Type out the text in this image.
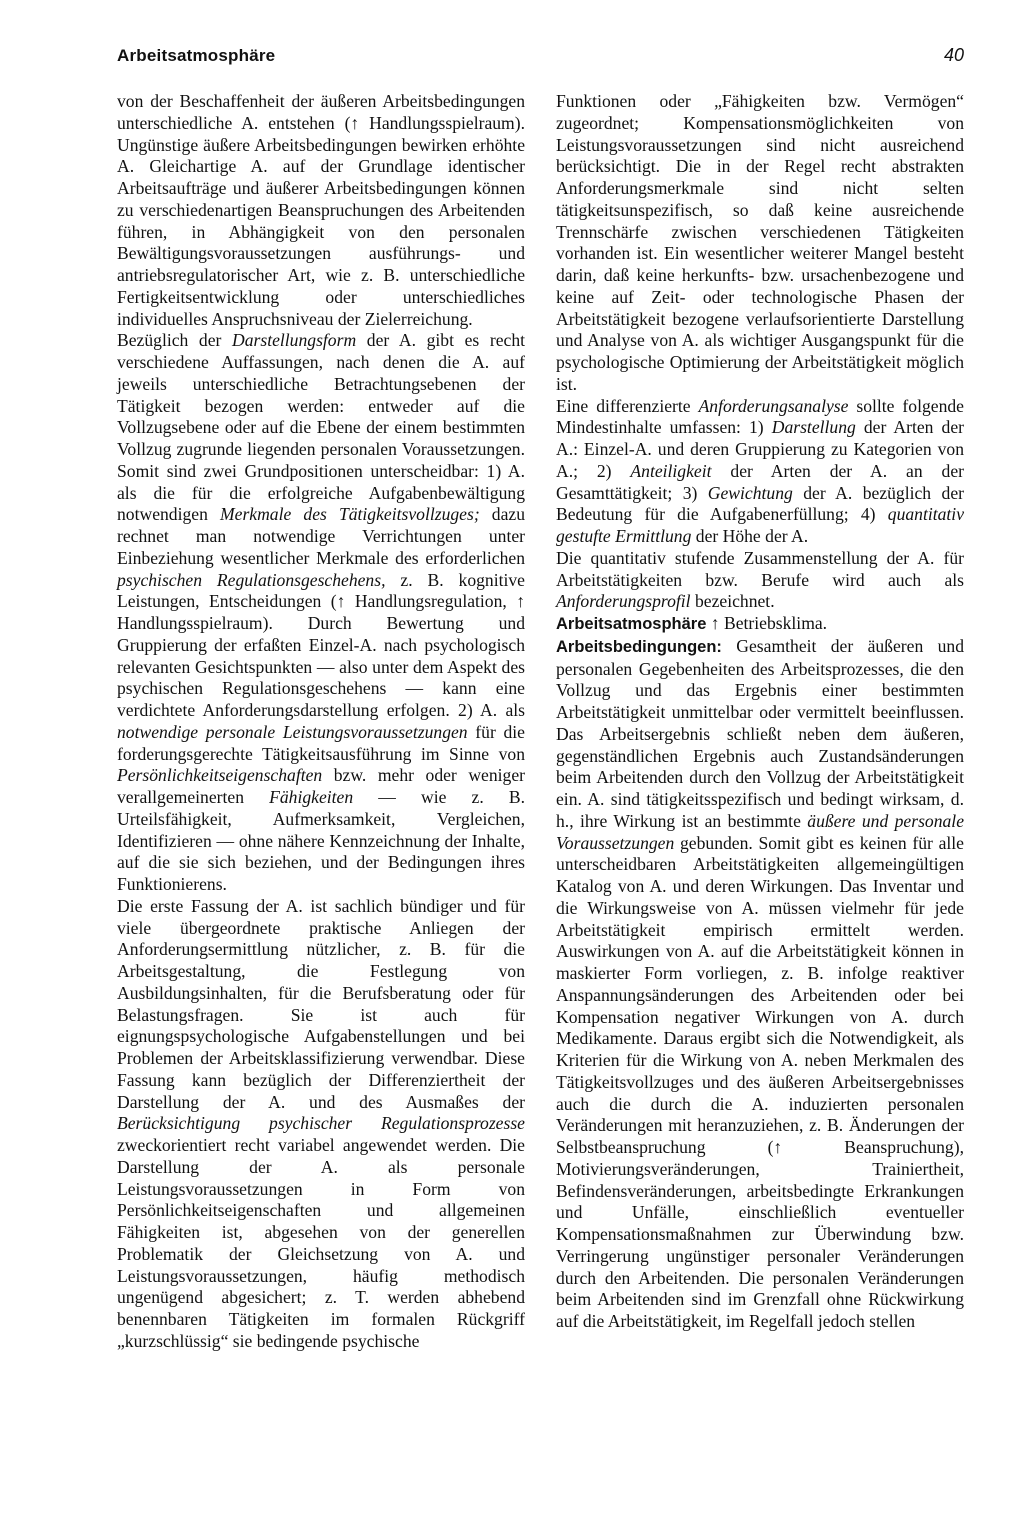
Arbeitsatmosphäre	40

von der Beschaffenheit der äußeren Arbeitsbedingungen unterschiedliche A. entstehen (↑ Handlungsspielraum). Ungünstige äußere Arbeitsbedingungen bewirken erhöhte A. Gleichartige A. auf der Grundlage identischer Arbeitsaufträge und äußerer Arbeitsbedingungen können zu verschiedenartigen Beanspruchungen des Arbeitenden führen, in Abhängigkeit von den personalen Bewältigungsvoraussetzungen ausführungs- und antriebsregulatorischer Art, wie z. B. unterschiedliche Fertigkeitsentwicklung oder unterschiedliches individuelles Anspruchsniveau der Zielerreichung.

Bezüglich der Darstellungsform der A. gibt es recht verschiedene Auffassungen, nach denen die A. auf jeweils unterschiedliche Betrachtungsebenen der Tätigkeit bezogen werden: entweder auf die Vollzugsebene oder auf die Ebene der einem bestimmten Vollzug zugrunde liegenden personalen Voraussetzungen. Somit sind zwei Grundpositionen unterscheidbar: 1) A. als die für die erfolgreiche Aufgabenbewältigung notwendigen Merkmale des Tätigkeitsvollzuges; dazu rechnet man notwendige Verrichtungen unter Einbeziehung wesentlicher Merkmale des erforderlichen psychischen Regulationsgeschehens, z. B. kognitive Leistungen, Entscheidungen (↑ Handlungsregulation, ↑ Handlungsspielraum). Durch Bewertung und Gruppierung der erfaßten Einzel-A. nach psychologisch relevanten Gesichtspunkten — also unter dem Aspekt des psychischen Regulationsgeschehens — kann eine verdichtete Anforderungsdarstellung erfolgen. 2) A. als notwendige personale Leistungsvoraussetzungen für die forderungsgerechte Tätigkeitsausführung im Sinne von Persönlichkeitseigenschaften bzw. mehr oder weniger verallgemeinerten Fähigkeiten — wie z. B. Urteilsfähigkeit, Aufmerksamkeit, Vergleichen, Identifizieren — ohne nähere Kennzeichnung der Inhalte, auf die sie sich beziehen, und der Bedingungen ihres Funktionierens.

Die erste Fassung der A. ist sachlich bündiger und für viele übergeordnete praktische Anliegen der Anforderungsermittlung nützlicher, z. B. für die Arbeitsgestaltung, die Festlegung von Ausbildungsinhalten, für die Berufsberatung oder für Belastungsfragen. Sie ist auch für eignungspsychologische Aufgabenstellungen und bei Problemen der Arbeitsklassifizierung verwendbar. Diese Fassung kann bezüglich der Differenziertheit der Darstellung der A. und des Ausmaßes der Berücksichtigung psychischer Regulationsprozesse zweckorientiert recht variabel angewendet werden. Die Darstellung der A. als personale Leistungsvoraussetzungen in Form von Persönlichkeitseigenschaften und allgemeinen Fähigkeiten ist, abgesehen von der generellen Problematik der Gleichsetzung von A. und Leistungsvoraussetzungen, häufig methodisch ungenügend abgesichert; z. T. werden abhebend benennbaren Tätigkeiten im formalen Rückgriff „kurzschlüssig“ sie bedingende psychische

Funktionen oder „Fähigkeiten bzw. Vermögen“ zugeordnet; Kompensationsmöglichkeiten von Leistungsvoraussetzungen sind nicht ausreichend berücksichtigt. Die in der Regel recht abstrakten Anforderungsmerkmale sind nicht selten tätigkeitsunspezifisch, so daß keine ausreichende Trennschärfe zwischen verschiedenen Tätigkeiten vorhanden ist. Ein wesentlicher weiterer Mangel besteht darin, daß keine herkunfts- bzw. ursachenbezogene und keine auf Zeit- oder technologische Phasen der Arbeitstätigkeit bezogene verlaufsorientierte Darstellung und Analyse von A. als wichtiger Ausgangspunkt für die psychologische Optimierung der Arbeitstätigkeit möglich ist.

Eine differenzierte Anforderungsanalyse sollte folgende Mindestinhalte umfassen: 1) Darstellung der Arten der A.: Einzel-A. und deren Gruppierung zu Kategorien von A.; 2) Anteiligkeit der Arten der A. an der Gesamttätigkeit; 3) Gewichtung der A. bezüglich der Bedeutung für die Aufgabenerfüllung; 4) quantitativ gestufte Ermittlung der Höhe der A.

Die quantitativ stufende Zusammenstellung der A. für Arbeitstätigkeiten bzw. Berufe wird auch als Anforderungsprofil bezeichnet.

Arbeitsatmosphäre ↑ Betriebsklima.

Arbeitsbedingungen: Gesamtheit der äußeren und personalen Gegebenheiten des Arbeitsprozesses, die den Vollzug und das Ergebnis einer bestimmten Arbeitstätigkeit unmittelbar oder vermittelt beeinflussen. Das Arbeitsergebnis schließt neben dem äußeren, gegenständlichen Ergebnis auch Zustandsänderungen beim Arbeitenden durch den Vollzug der Arbeitstätigkeit ein. A. sind tätigkeitsspezifisch und bedingt wirksam, d. h., ihre Wirkung ist an bestimmte äußere und personale Voraussetzungen gebunden. Somit gibt es keinen für alle unterscheidbaren Arbeitstätigkeiten allgemeingültigen Katalog von A. und deren Wirkungen. Das Inventar und die Wirkungsweise von A. müssen vielmehr für jede Arbeitstätigkeit empirisch ermittelt werden. Auswirkungen von A. auf die Arbeitstätigkeit können in maskierter Form vorliegen, z. B. infolge reaktiver Anspannungsänderungen des Arbeitenden oder bei Kompensation negativer Wirkungen von A. durch Medikamente. Daraus ergibt sich die Notwendigkeit, als Kriterien für die Wirkung von A. neben Merkmalen des Tätigkeitsvollzuges und des äußeren Arbeitsergebnisses auch die durch die A. induzierten personalen Veränderungen mit heranzuziehen, z. B. Änderungen der Selbstbeanspruchung (↑ Beanspruchung), Motivierungsveränderungen, Trainiertheit, Befindensveränderungen, arbeitsbedingte Erkrankungen und Unfälle, einschließlich eventueller Kompensationsmaßnahmen zur Überwindung bzw. Verringerung ungünstiger personaler Veränderungen durch den Arbeitenden. Die personalen Veränderungen beim Arbeitenden sind im Grenzfall ohne Rückwirkung auf die Arbeitstätigkeit, im Regelfall jedoch stellen
